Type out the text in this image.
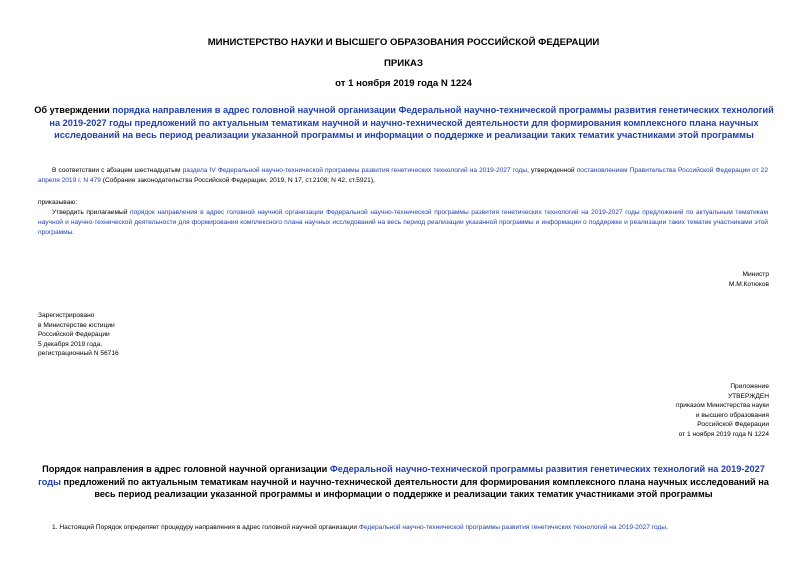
МИНИСТЕРСТВО НАУКИ И ВЫСШЕГО ОБРАЗОВАНИЯ РОССИЙСКОЙ ФЕДЕРАЦИИ
ПРИКАЗ
от 1 ноября 2019 года N 1224
Об утверждении порядка направления в адрес головной научной организации Федеральной научно-технической программы развития генетических технологий на 2019-2027 годы предложений по актуальным тематикам научной и научно-технической деятельности для формирования комплексного плана научных исследований на весь период реализации указанной программы и информации о поддержке и реализации таких тематик участниками этой программы
В соответствии с абзацем шестнадцатым раздела IV Федеральной научно-технической программы развития генетических технологий на 2019-2027 годы, утвержденной постановлением Правительства Российской Федерации от 22 апреля 2019 г. N 479 (Собрание законодательства Российской Федерации, 2019, N 17, ст.2108; N 42, ст.5921),
приказываю:
Утвердить прилагаемый порядок направления в адрес головной научной организации Федеральной научно-технической программы развития генетических технологий на 2019-2027 годы предложений по актуальным тематикам научной и научно-технической деятельности для формирования комплексного плана научных исследований на весь период реализации указанной программы и информации о поддержке и реализации таких тематик участниками этой программы.
Министр
М.М.Котюков
Зарегистрировано
в Министерстве юстиции
Российской Федерации
5 декабря 2019 года,
регистрационный N 56716
Приложение
УТВЕРЖДЕН
приказом Министерства науки
и высшего образования
Российской Федерации
от 1 ноября 2019 года N 1224
Порядок направления в адрес головной научной организации Федеральной научно-технической программы развития генетических технологий на 2019-2027 годы предложений по актуальным тематикам научной и научно-технической деятельности для формирования комплексного плана научных исследований на весь период реализации указанной программы и информации о поддержке и реализации таких тематик участниками этой программы
1. Настоящий Порядок определяет процедуру направления в адрес головной научной организации Федеральной научно-технической программы развития генетических технологий на 2019-2027 годы,
